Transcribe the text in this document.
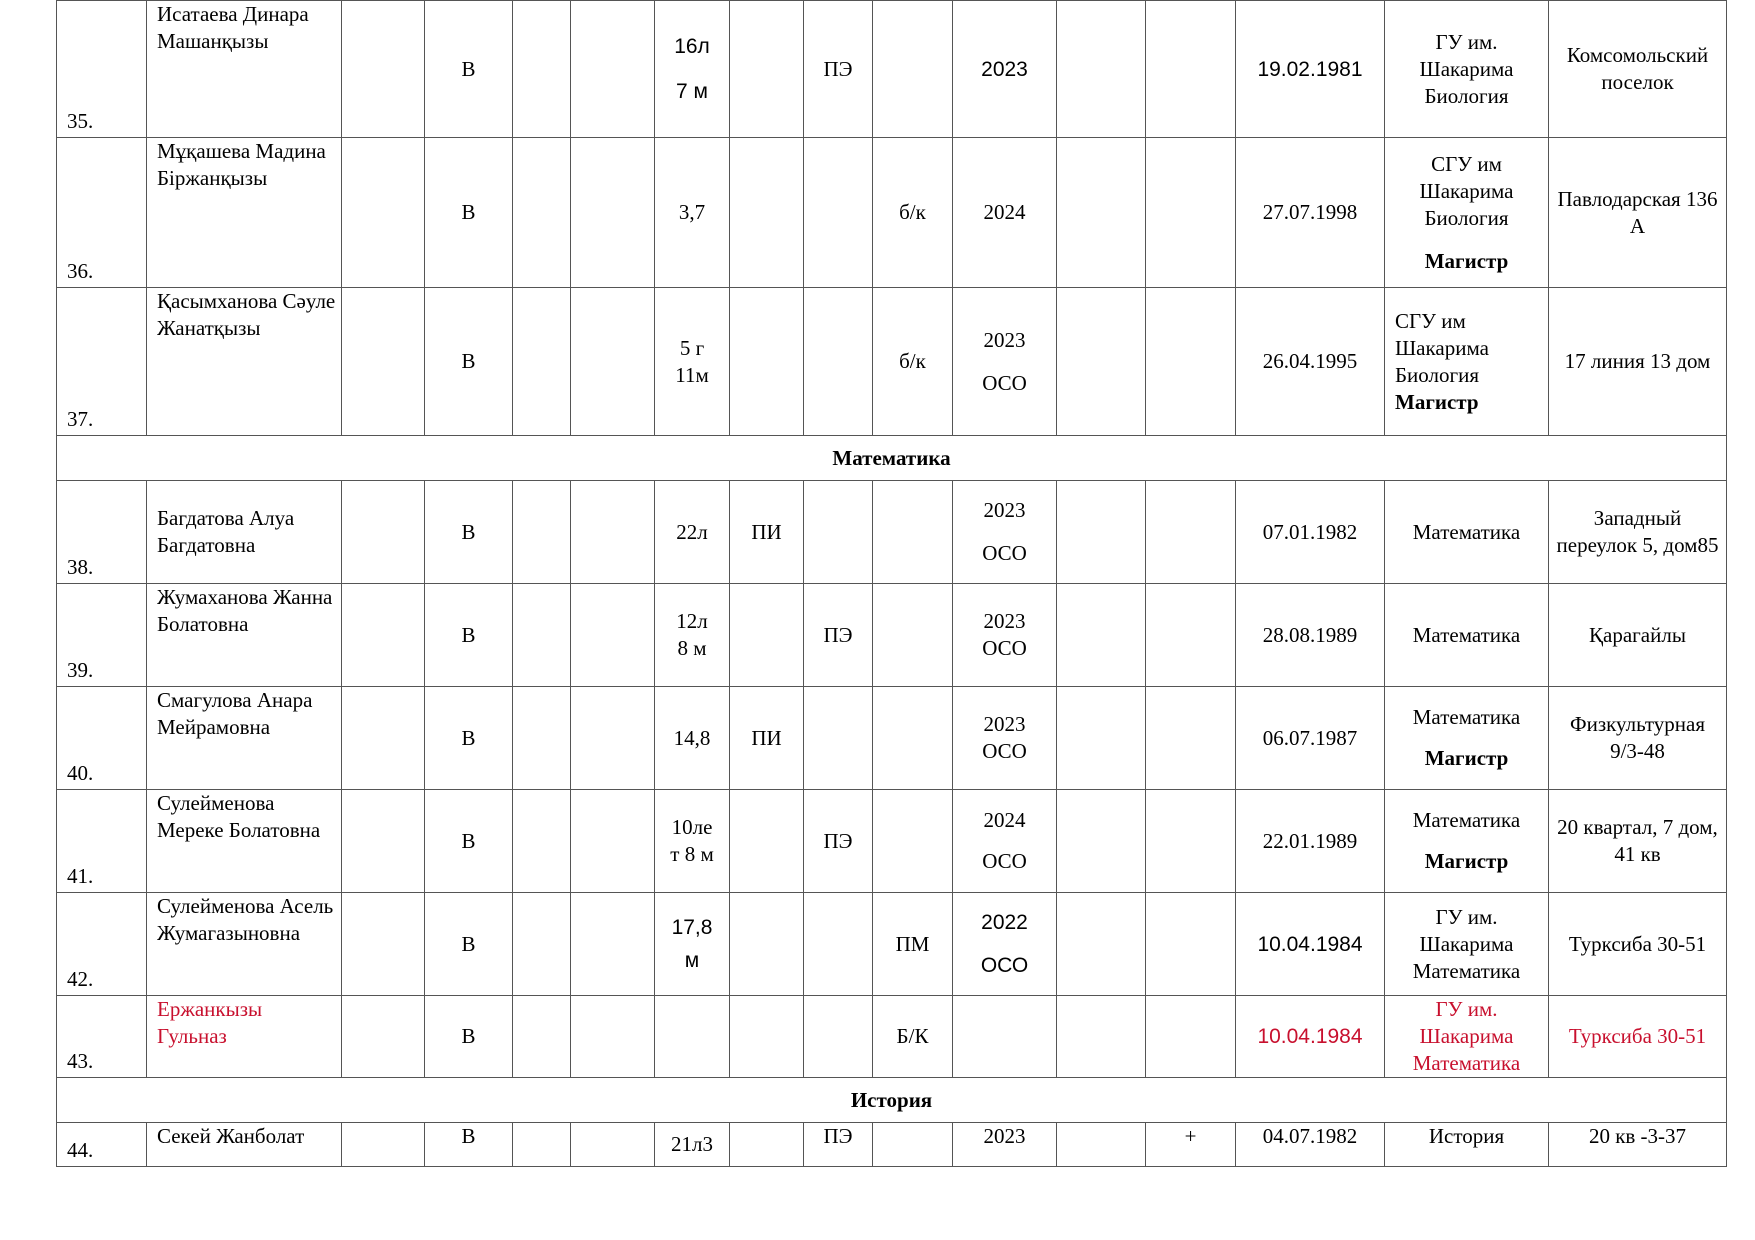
35.	Исатаева Динара Машанқызы		В			16л
7 м		ПЭ		2023			19.02.1981	ГУ им.
Шакарима
Биология	Комсомольский поселок
36.	Мұқашева Мадина Біржанқызы		В			3,7			б/к	2024			27.07.1998	СГУ им
Шакарима
Биология
Магистр	Павлодарская 136 А
37.	Қасымханова Сәуле Жанатқызы		В			5 г
11м			б/к	2023
ОСО			26.04.1995	СГУ им
Шакарима
Биология
Магистр	17 линия 13 дом
Математика															
38.	Багдатова Алуа Багдатовна		В			22л	ПИ			2023
ОСО			07.01.1982	Математика	Западный переулок 5, дом85
39.	Жумаханова Жанна Болатовна		В			12л
8 м		ПЭ		2023
ОСО			28.08.1989	Математика	Қарагайлы
40.	Смагулова Анара Мейрамовна		В			14,8	ПИ			2023
ОСО			06.07.1987	Математика
Магистр	Физкультурная 9/3-48
41.	Сулейменова Мереке Болатовна		В			10ле
т 8 м		ПЭ		2024
ОСО			22.01.1989	Математика
Магистр	20 квартал, 7 дом, 41 кв
42.	Сулейменова Асель Жумагазыновна		В			17,8
м			ПМ	2022
ОСО			10.04.1984	ГУ им.
Шакарима
Математика	Турксиба 30-51
43.	Ержанкызы Гульназ		В						Б/К				10.04.1984	ГУ им.
Шакарима
Математика	Турксиба 30-51
История															
44.	Секей Жанболат		В			21л3		ПЭ		2023		+	04.07.1982	История	20 кв -3-37
